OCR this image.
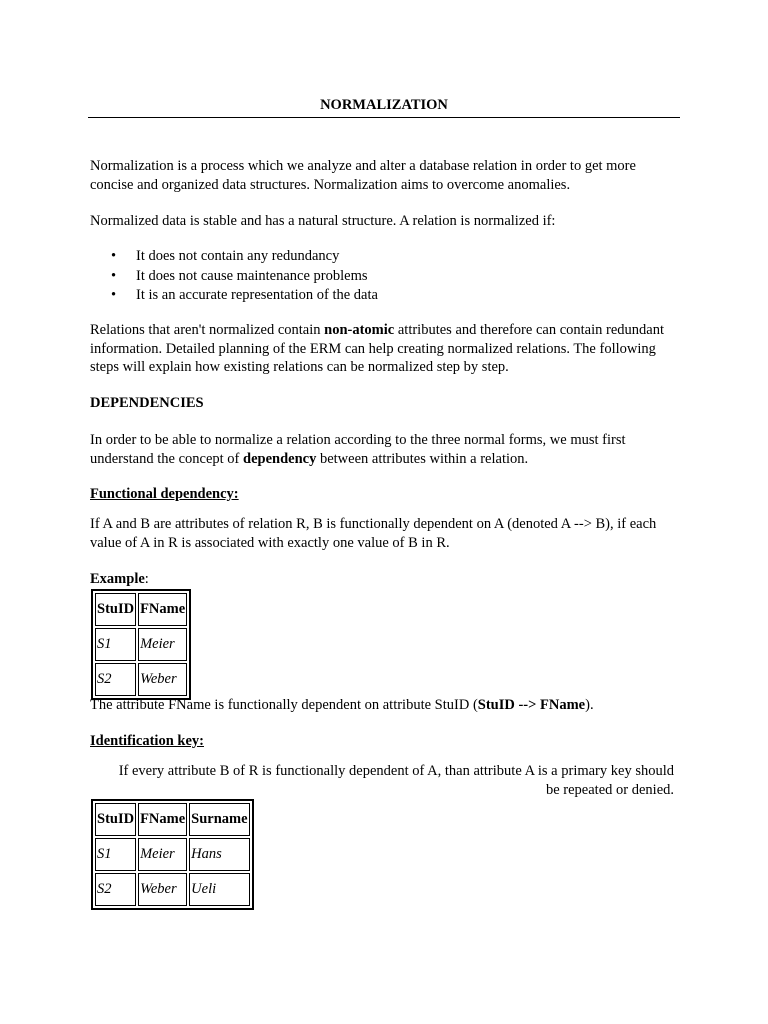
NORMALIZATION

Normalization is a process which we analyze and alter a database relation in order to get more concise and organized data structures. Normalization aims to overcome anomalies.

Normalized data is stable and has a natural structure. A relation is normalized if:

• It does not contain any redundancy
• It does not cause maintenance problems
• It is an accurate representation of the data

Relations that aren't normalized contain non-atomic attributes and therefore can contain redundant information. Detailed planning of the ERM can help creating normalized relations. The following steps will explain how existing relations can be normalized step by step.

DEPENDENCIES

In order to be able to normalize a relation according to the three normal forms, we must first understand the concept of dependency between attributes within a relation.

Functional dependency:

If A and B are attributes of relation R, B is functionally dependent on A (denoted A --> B), if each value of A in R is associated with exactly one value of B in R.

Example:
StuID	FName
S1	Meier
S2	Weber

The attribute FName is functionally dependent on attribute StuID (StuID --> FName).

Identification key:
If every attribute B of R is functionally dependent of A, than attribute A is a primary key should
be repeated or denied.
StuID	FName	Surname
S1	Meier	Hans
S2	Weber	Ueli
